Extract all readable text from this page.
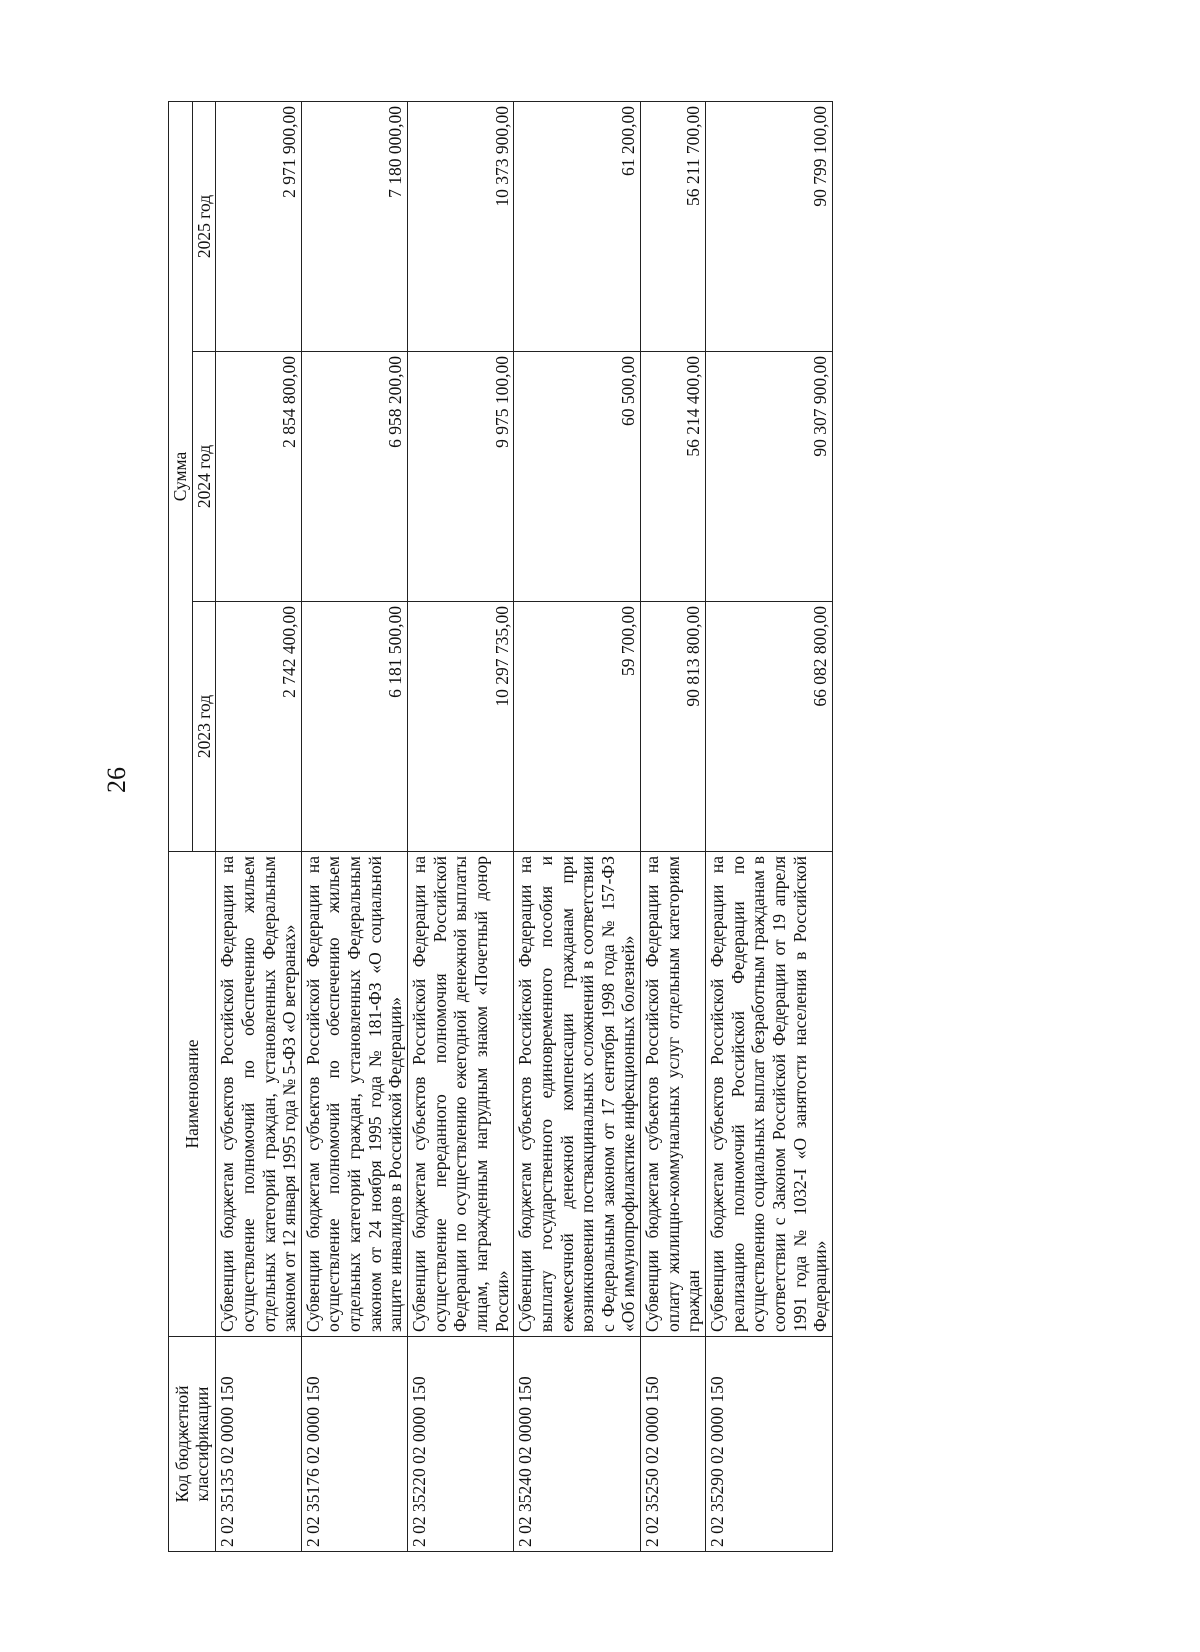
26
Код бюджетной классификации	Наименование	Сумма		
		2023 год	2024 год	2025 год
2 02 35135 02 0000 150	Субвенции бюджетам субъектов Российской Федерации на осуществление полномочий по обеспечению жильем отдельных категорий граждан, установленных Федеральным законом от 12 января 1995 года № 5-ФЗ «О ветеранах»	2 742 400,00	2 854 800,00	2 971 900,00
2 02 35176 02 0000 150	Субвенции бюджетам субъектов Российской Федерации на осуществление полномочий по обеспечению жильем отдельных категорий граждан, установленных Федеральным законом от 24 ноября 1995 года № 181-ФЗ «О социальной защите инвалидов в Российской Федерации»	6 181 500,00	6 958 200,00	7 180 000,00
2 02 35220 02 0000 150	Субвенции бюджетам субъектов Российской Федерации на осуществление переданного полномочия Российской Федерации по осуществлению ежегодной денежной выплаты лицам, награжденным нагрудным знаком «Почетный донор России»	10 297 735,00	9 975 100,00	10 373 900,00
2 02 35240 02 0000 150	Субвенции бюджетам субъектов Российской Федерации на выплату государственного единовременного пособия и ежемесячной денежной компенсации гражданам при возникновении поствакцинальных осложнений в соответствии с Федеральным законом от 17 сентября 1998 года № 157-ФЗ «Об иммунопрофилактике инфекционных болезней»	59 700,00	60 500,00	61 200,00
2 02 35250 02 0000 150	Субвенции бюджетам субъектов Российской Федерации на оплату жилищно-коммунальных услуг отдельным категориям граждан	90 813 800,00	56 214 400,00	56 211 700,00
2 02 35290 02 0000 150	Субвенции бюджетам субъектов Российской Федерации на реализацию полномочий Российской Федерации по осуществлению социальных выплат безработным гражданам в соответствии с Законом Российской Федерации от 19 апреля 1991 года № 1032-I «О занятости населения в Российской Федерации»	66 082 800,00	90 307 900,00	90 799 100,00
